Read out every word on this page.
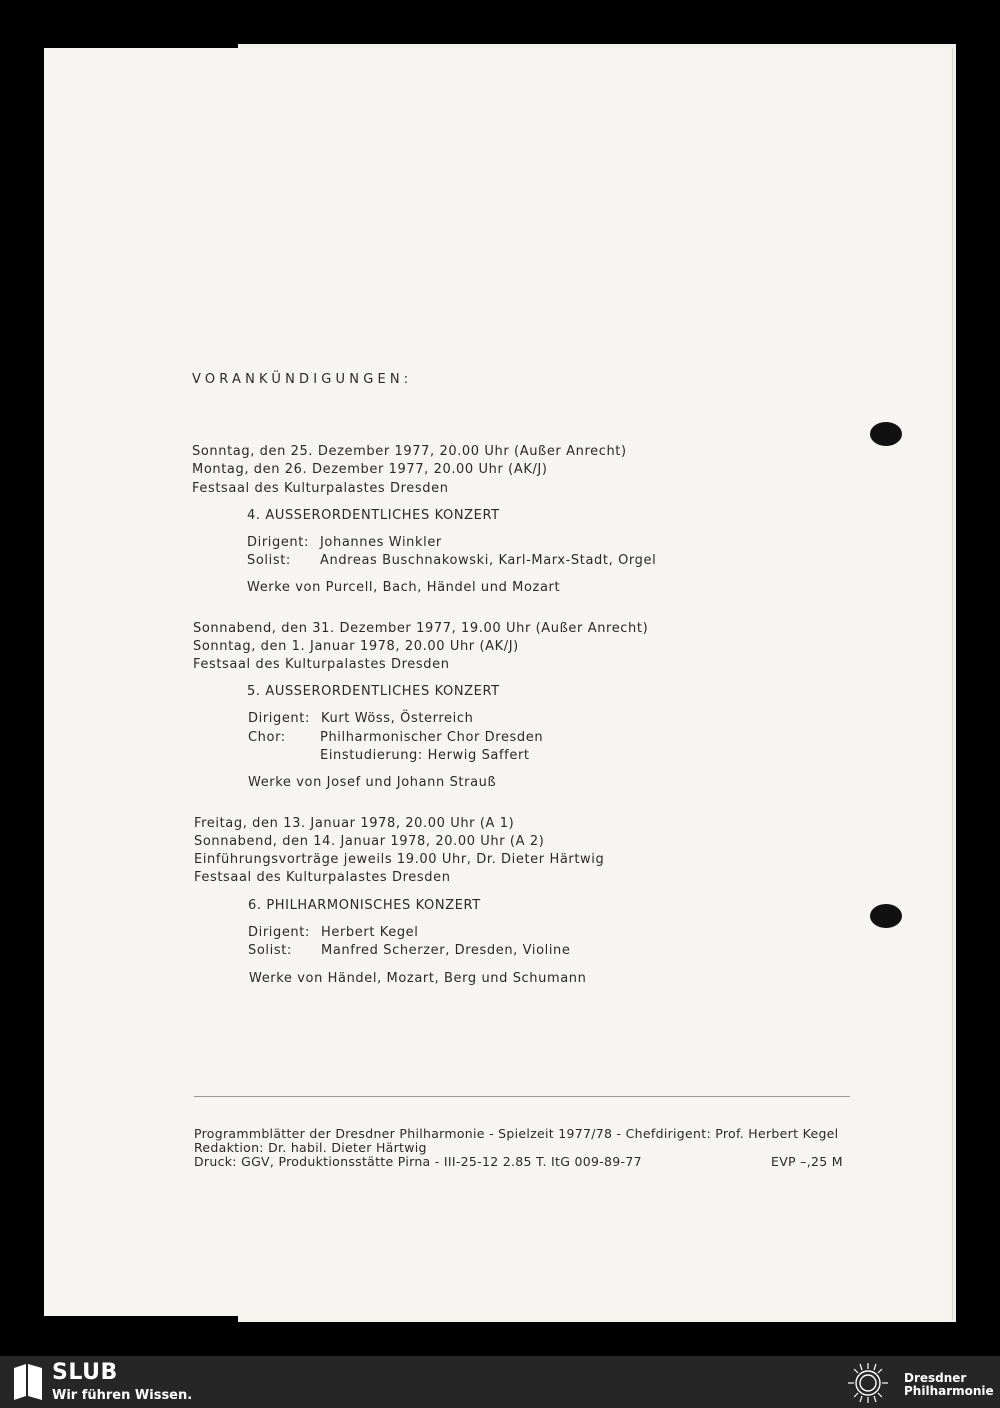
VORANKÜNDIGUNGEN:
Sonntag, den 25. Dezember 1977, 20.00 Uhr (Außer Anrecht)
Montag, den 26. Dezember 1977, 20.00 Uhr (AK/J)
Festsaal des Kulturpalastes Dresden
4. AUSSERORDENTLICHES KONZERT
Dirigent: Johannes Winkler
Solist: Andreas Buschnakowski, Karl-Marx-Stadt, Orgel
Werke von Purcell, Bach, Händel und Mozart
Sonnabend, den 31. Dezember 1977, 19.00 Uhr (Außer Anrecht)
Sonntag, den 1. Januar 1978, 20.00 Uhr (AK/J)
Festsaal des Kulturpalastes Dresden
5. AUSSERORDENTLICHES KONZERT
Dirigent: Kurt Wöss, Österreich
Chor:	Philharmonischer Chor Dresden
Einstudierung: Herwig Saffert
Werke von Josef und Johann Strauß
Freitag, den 13. Januar 1978, 20.00 Uhr (A 1)
Sonnabend, den 14. Januar 1978, 20.00 Uhr (A 2)
Einführungsvorträge jeweils 19.00 Uhr, Dr. Dieter Härtwig
Festsaal des Kulturpalastes Dresden
6. PHILHARMONISCHES KONZERT
Dirigent: Herbert Kegel
Solist: Manfred Scherzer, Dresden, Violine
Werke von Händel, Mozart, Berg und Schumann
Programmblätter der Dresdner Philharmonie - Spielzeit 1977/78 - Chefdirigent: Prof. Herbert Kegel
Redaktion: Dr. habil. Dieter Härtwig
Druck: GGV, Produktionsstätte Pirna - III-25-12 2.85 T. ItG 009-89-77	EVP –,25 M
SLUB
Wir führen Wissen.
Dresdner
Philharmonie
